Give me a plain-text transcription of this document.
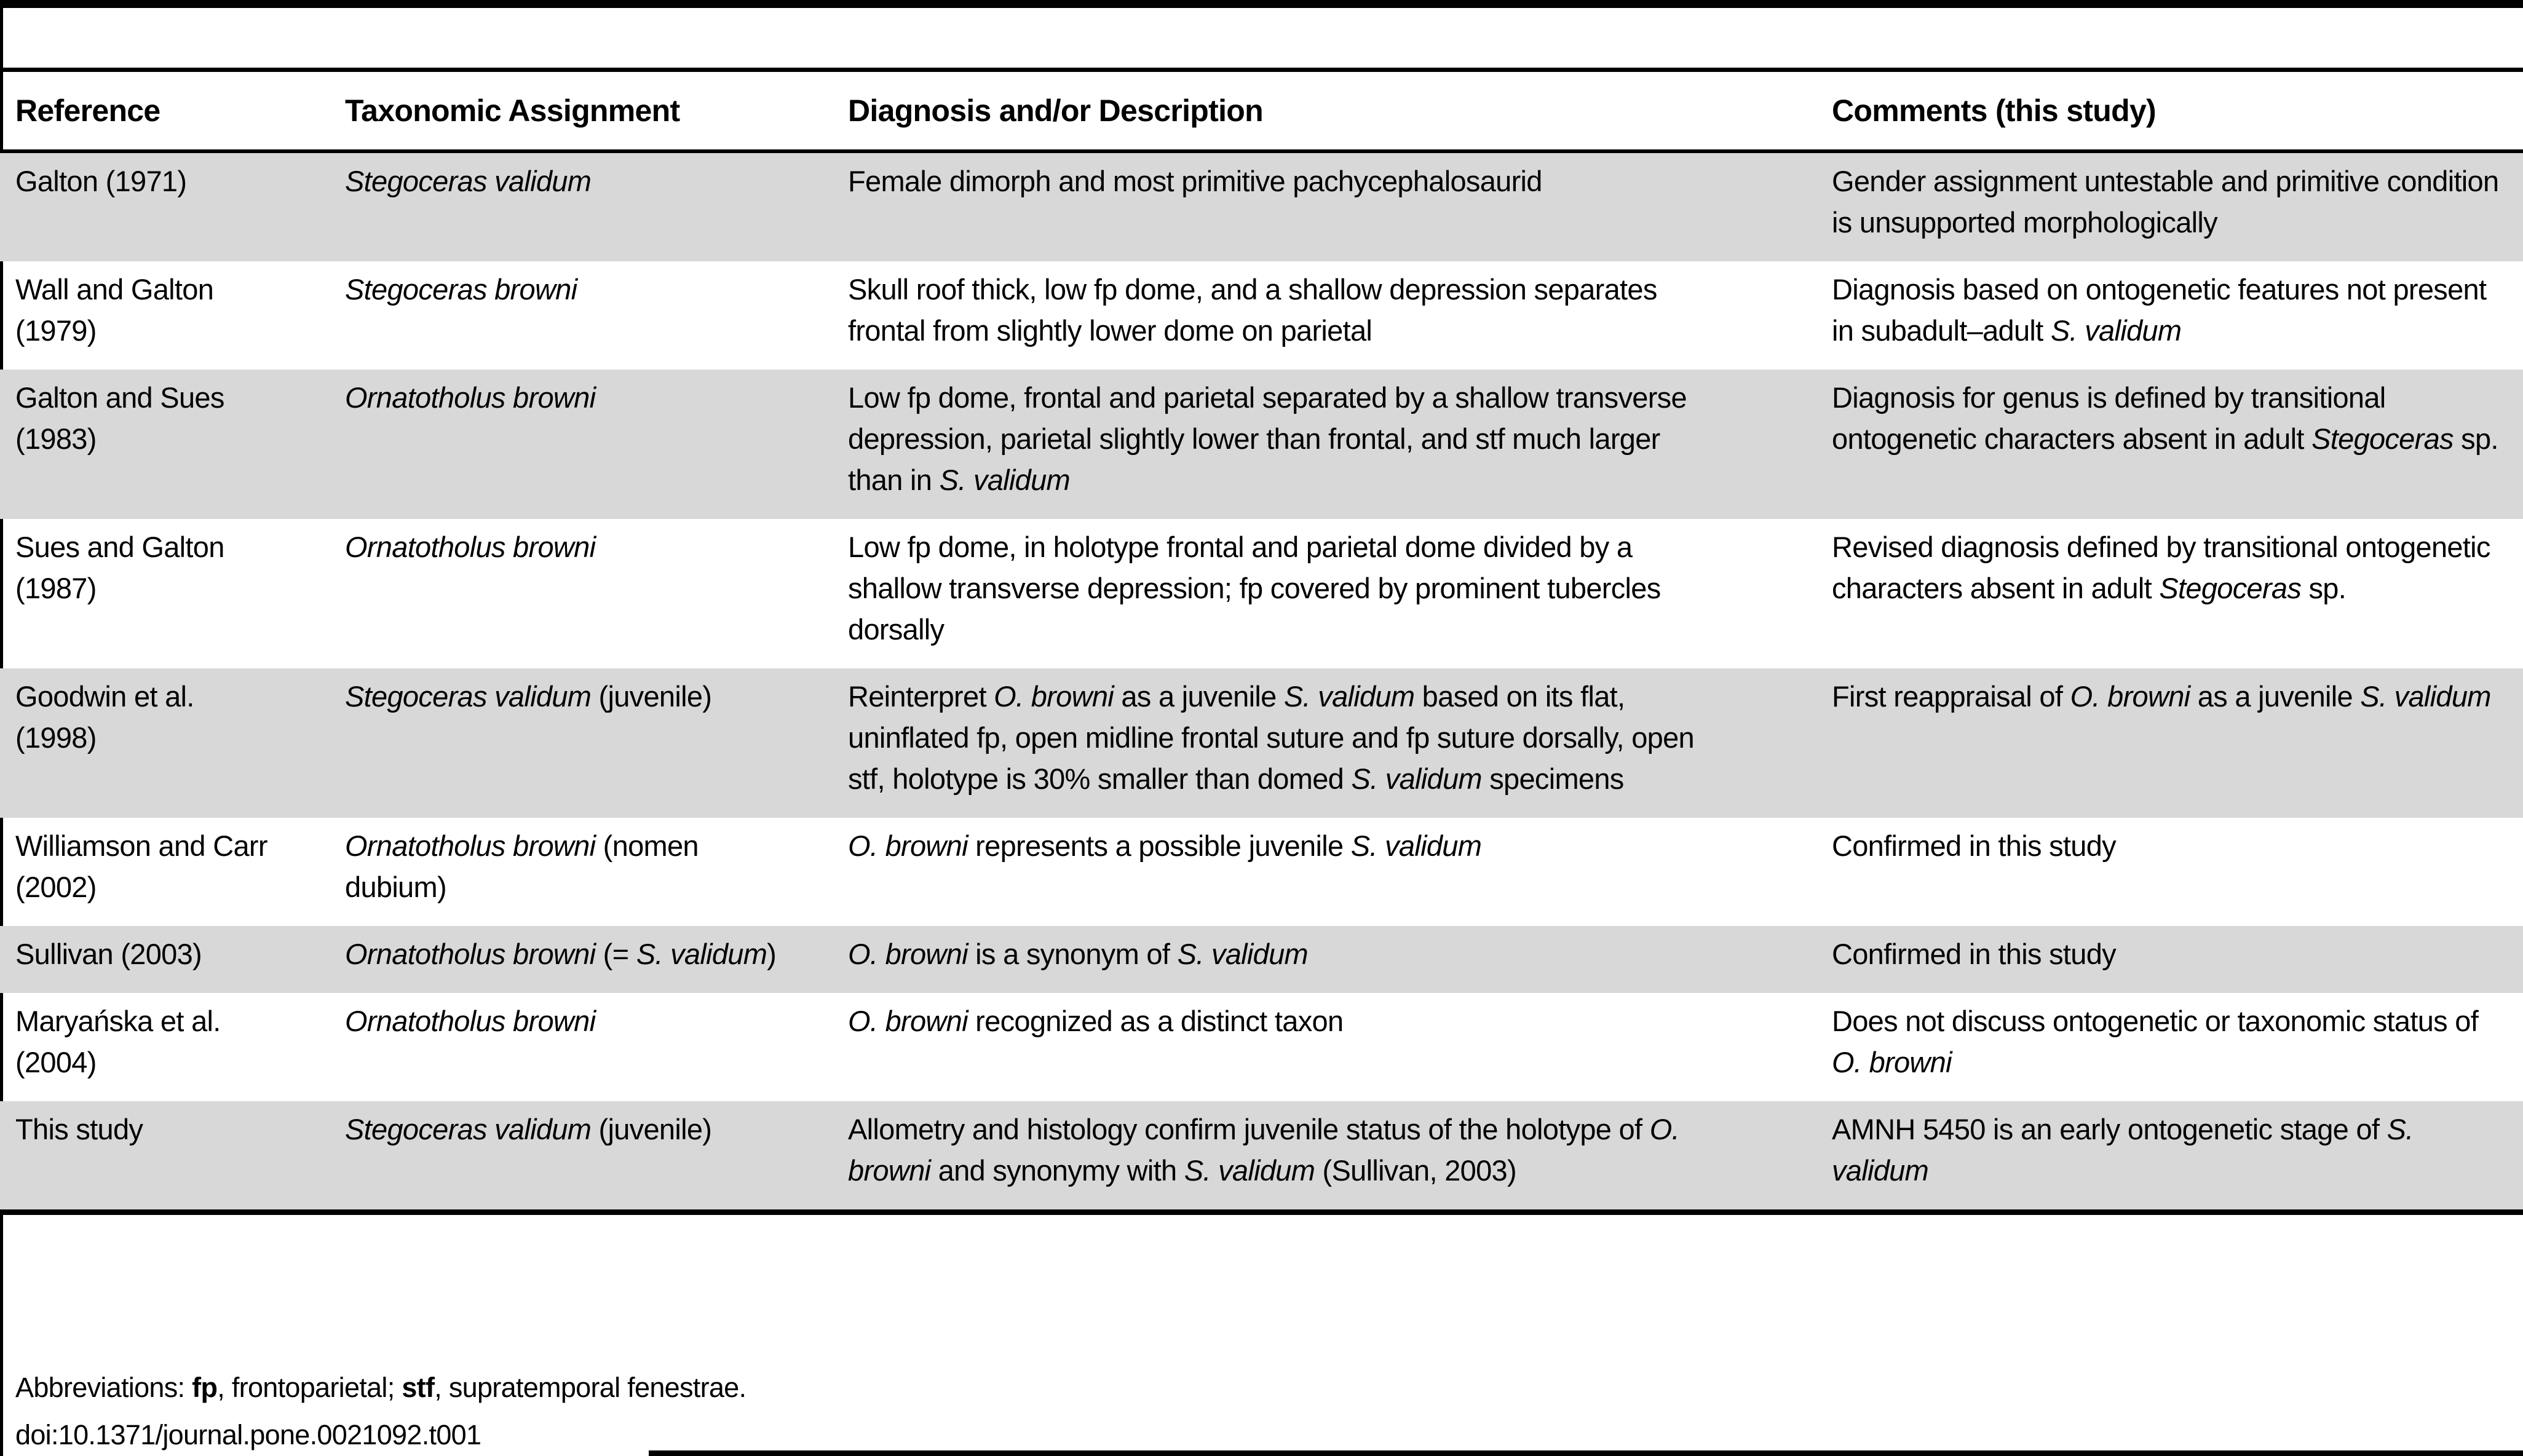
Reference	Taxonomic Assignment	Diagnosis and/or Description	Comments (this study)
Galton (1971)	Stegoceras validum	Female dimorph and most primitive pachycephalosaurid	Gender assignment untestable and primitive condition is unsupported morphologically
Wall and Galton (1979)	Stegoceras browni	Skull roof thick, low fp dome, and a shallow depression separates frontal from slightly lower dome on parietal	Diagnosis based on ontogenetic features not present in subadult–adult S. validum
Galton and Sues (1983)	Ornatotholus browni	Low fp dome, frontal and parietal separated by a shallow transverse depression, parietal slightly lower than frontal, and stf much larger than in S. validum	Diagnosis for genus is defined by transitional ontogenetic characters absent in adult Stegoceras sp.
Sues and Galton (1987)	Ornatotholus browni	Low fp dome, in holotype frontal and parietal dome divided by a shallow transverse depression; fp covered by prominent tubercles dorsally	Revised diagnosis defined by transitional ontogenetic characters absent in adult Stegoceras sp.
Goodwin et al. (1998)	Stegoceras validum (juvenile)	Reinterpret O. browni as a juvenile S. validum based on its flat, uninflated fp, open midline frontal suture and fp suture dorsally, open stf, holotype is 30% smaller than domed S. validum specimens	First reappraisal of O. browni as a juvenile S. validum
Williamson and Carr (2002)	Ornatotholus browni (nomen dubium)	O. browni represents a possible juvenile S. validum	Confirmed in this study
Sullivan (2003)	Ornatotholus browni (= S. validum)	O. browni is a synonym of S. validum	Confirmed in this study
Maryańska et al. (2004)	Ornatotholus browni	O. browni recognized as a distinct taxon	Does not discuss ontogenetic or taxonomic status of O. browni
This study	Stegoceras validum (juvenile)	Allometry and histology confirm juvenile status of the holotype of O. browni and synonymy with S. validum (Sullivan, 2003)	AMNH 5450 is an early ontogenetic stage of S. validum
Abbreviations: fp, frontoparietal; stf, supratemporal fenestrae.
doi:10.1371/journal.pone.0021092.t001
